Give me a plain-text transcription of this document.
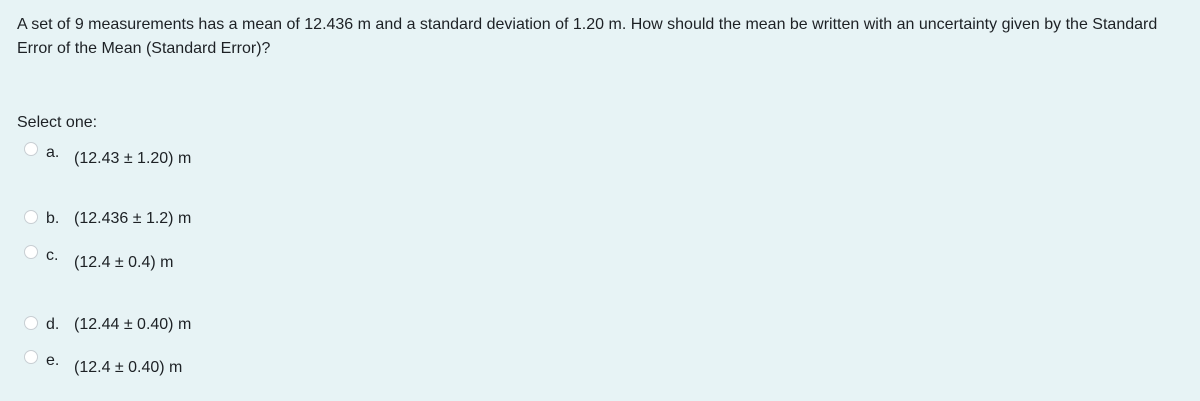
A set of 9 measurements has a mean of 12.436 m and a standard deviation of 1.20 m. How should the mean be written with an uncertainty given by the Standard Error of the Mean (Standard Error)?

Select one:

a. (12.43 ± 1.20) m
b. (12.436 ± 1.2) m
c. (12.4 ± 0.4) m
d. (12.44 ± 0.40) m
e. (12.4 ± 0.40) m
